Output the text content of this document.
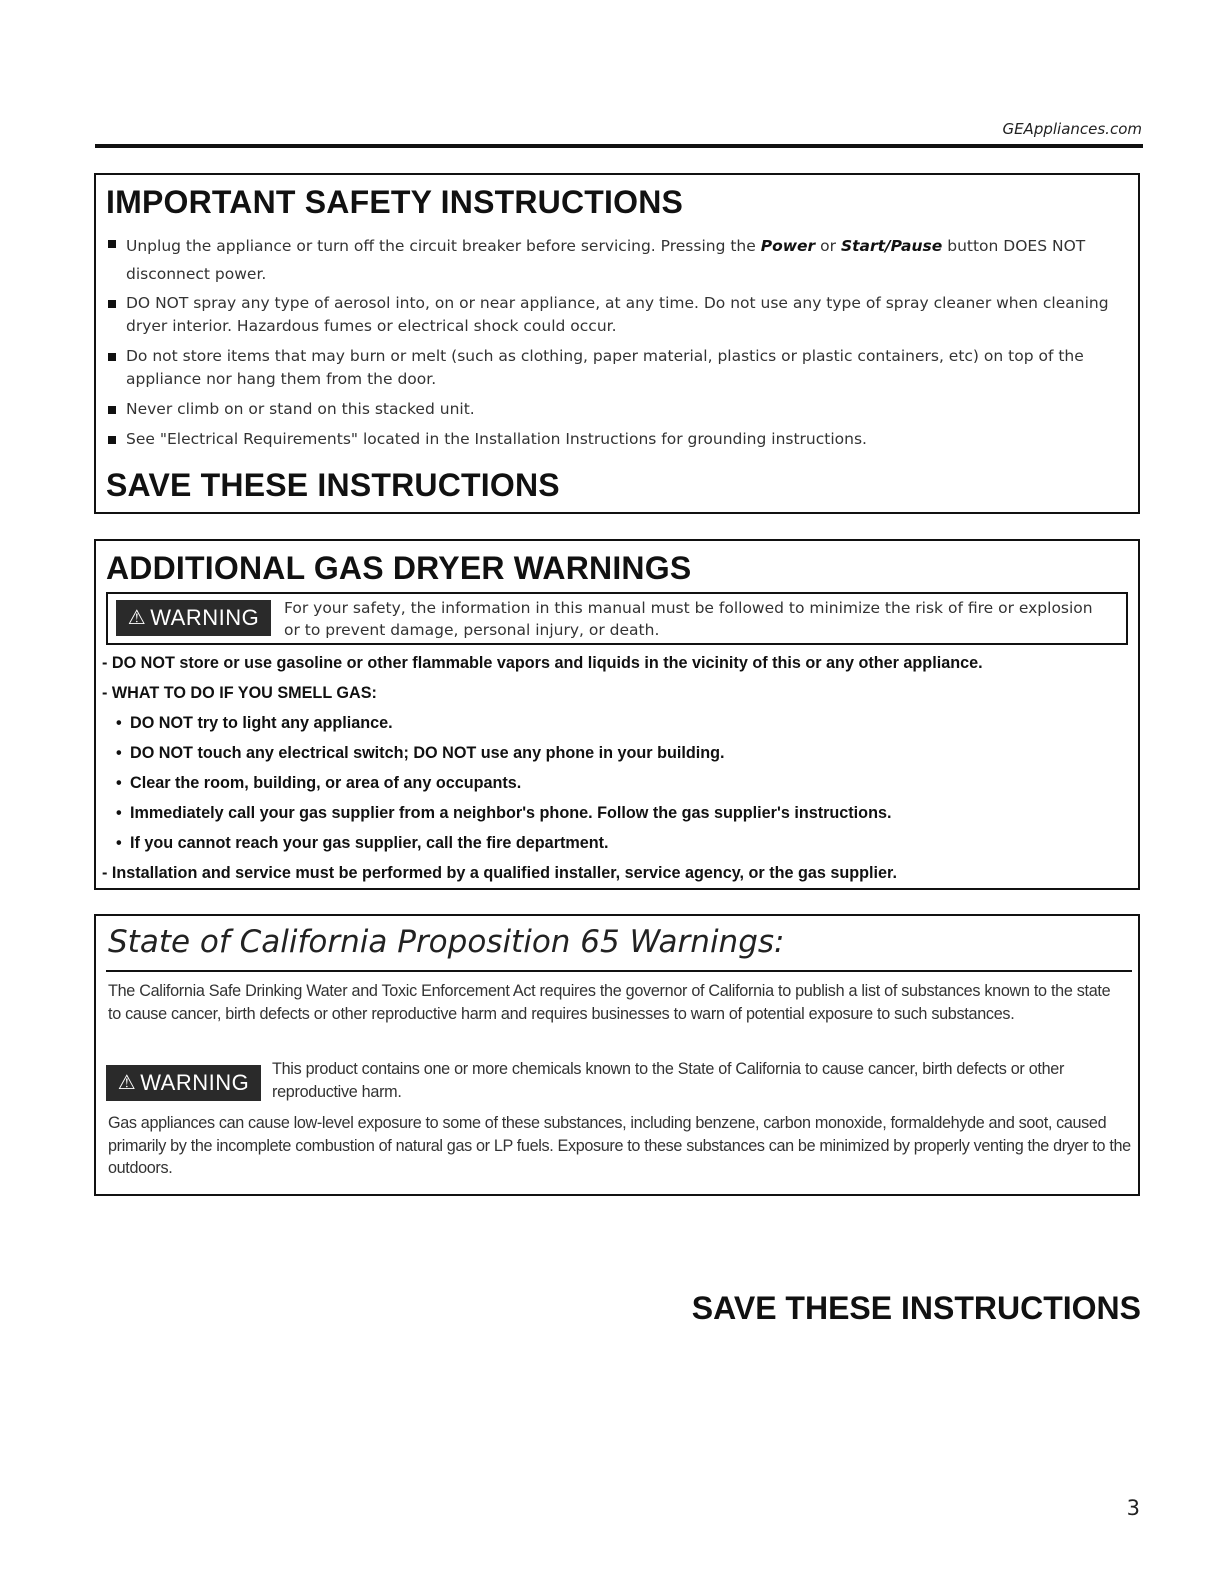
GEAppliances.com
IMPORTANT SAFETY INSTRUCTIONS
Unplug the appliance or turn off the circuit breaker before servicing. Pressing the Power or Start/Pause button DOES NOT disconnect power.
DO NOT spray any type of aerosol into, on or near appliance, at any time. Do not use any type of spray cleaner when cleaning dryer interior. Hazardous fumes or electrical shock could occur.
Do not store items that may burn or melt (such as clothing, paper material, plastics or plastic containers, etc) on top of the appliance nor hang them from the door.
Never climb on or stand on this stacked unit.
See "Electrical Requirements" located in the Installation Instructions for grounding instructions.
SAVE THESE INSTRUCTIONS
ADDITIONAL GAS DRYER WARNINGS
⚠ WARNING For your safety, the information in this manual must be followed to minimize the risk of fire or explosion or to prevent damage, personal injury, or death.
- DO NOT store or use gasoline or other flammable vapors and liquids in the vicinity of this or any other appliance.
- WHAT TO DO IF YOU SMELL GAS:
• DO NOT try to light any appliance.
• DO NOT touch any electrical switch; DO NOT use any phone in your building.
• Clear the room, building, or area of any occupants.
• Immediately call your gas supplier from a neighbor's phone. Follow the gas supplier's instructions.
• If you cannot reach your gas supplier, call the fire department.
- Installation and service must be performed by a qualified installer, service agency, or the gas supplier.
State of California Proposition 65 Warnings:

The California Safe Drinking Water and Toxic Enforcement Act requires the governor of California to publish a list of substances known to the state to cause cancer, birth defects or other reproductive harm and requires businesses to warn of potential exposure to such substances.

⚠ WARNING

This product contains one or more chemicals known to the State of California to cause cancer, birth defects or other reproductive harm.

Gas appliances can cause low-level exposure to some of these substances, including benzene, carbon monoxide, formaldehyde and soot, caused primarily by the incomplete combustion of natural gas or LP fuels. Exposure to these substances can be minimized by properly venting the dryer to the outdoors.

SAVE THESE INSTRUCTIONS
3
